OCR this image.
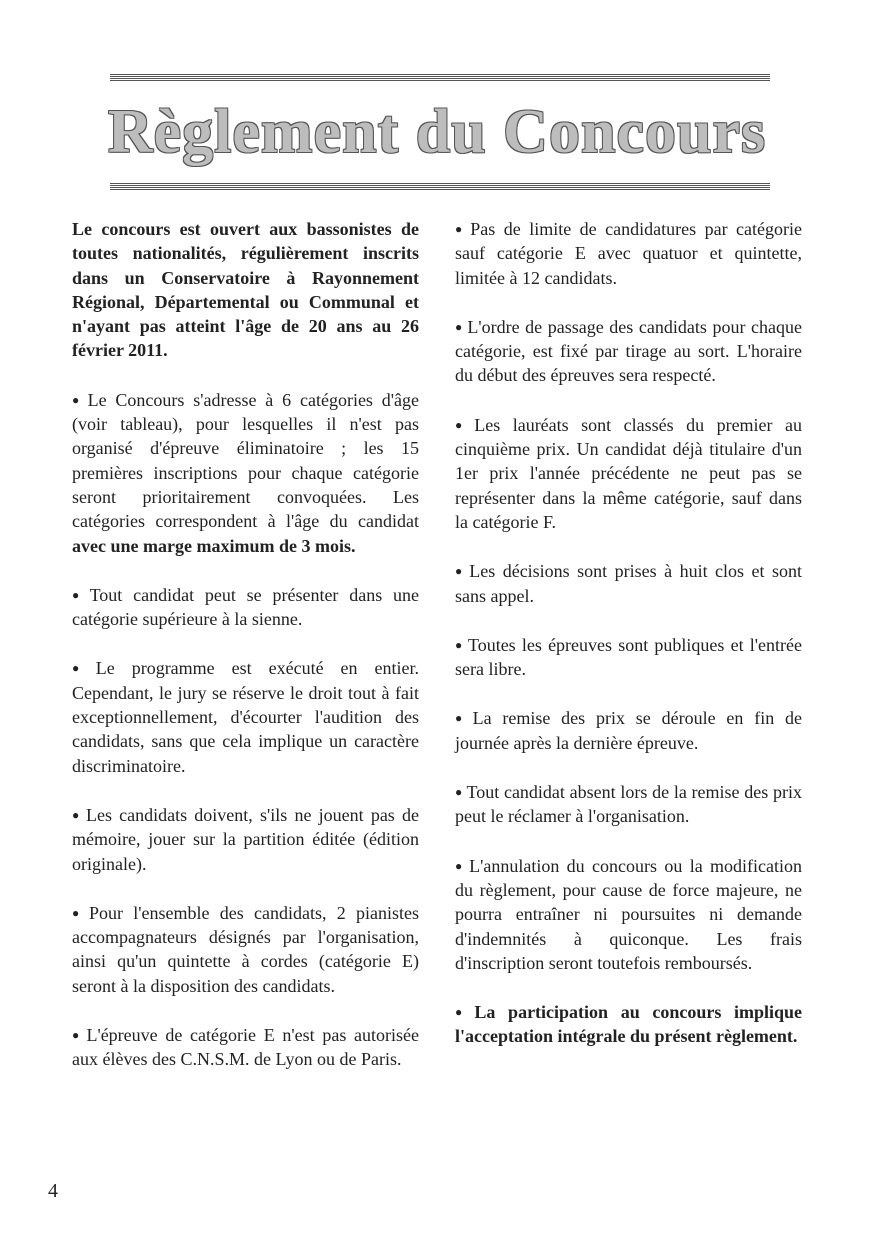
Règlement du Concours

Le concours est ouvert aux bassonistes de toutes nationalités, régulièrement inscrits dans un Conservatoire à Rayonnement Régional, Départemental ou Communal et n'ayant pas atteint l'âge de 20 ans au 26 février 2011.

● Le Concours s'adresse à 6 catégories d'âge (voir tableau), pour lesquelles il n'est pas organisé d'épreuve éliminatoire ; les 15 premières inscriptions pour chaque catégorie seront prioritairement convoquées. Les catégories correspondent à l'âge du candidat avec une marge maximum de 3 mois.

● Tout candidat peut se présenter dans une catégorie supérieure à la sienne.

● Le programme est exécuté en entier. Cependant, le jury se réserve le droit tout à fait exceptionnellement, d'écourter l'audition des candidats, sans que cela implique un caractère discriminatoire.

● Les candidats doivent, s'ils ne jouent pas de mémoire, jouer sur la partition éditée (édition originale).

● Pour l'ensemble des candidats, 2 pianistes accompagnateurs désignés par l'organisation, ainsi qu'un quintette à cordes (catégorie E) seront à la disposition des candidats.

● L'épreuve de catégorie E n'est pas autorisée aux élèves des C.N.S.M. de Lyon ou de Paris.

● Pas de limite de candidatures par catégorie sauf catégorie E avec quatuor et quintette, limitée à 12 candidats.

● L'ordre de passage des candidats pour chaque catégorie, est fixé par tirage au sort. L'horaire du début des épreuves sera respecté.

● Les lauréats sont classés du premier au cinquième prix. Un candidat déjà titulaire d'un 1er prix l'année précédente ne peut pas se représenter dans la même catégorie, sauf dans la catégorie F.

● Les décisions sont prises à huit clos et sont sans appel.

● Toutes les épreuves sont publiques et l'entrée sera libre.

● La remise des prix se déroule en fin de journée après la dernière épreuve.

● Tout candidat absent lors de la remise des prix peut le réclamer à l'organisation.

● L'annulation du concours ou la modification du règlement, pour cause de force majeure, ne pourra entraîner ni poursuites ni demande d'indemnités à quiconque. Les frais d'inscription seront toutefois remboursés.

● La participation au concours implique l'acceptation intégrale du présent règlement.

4
